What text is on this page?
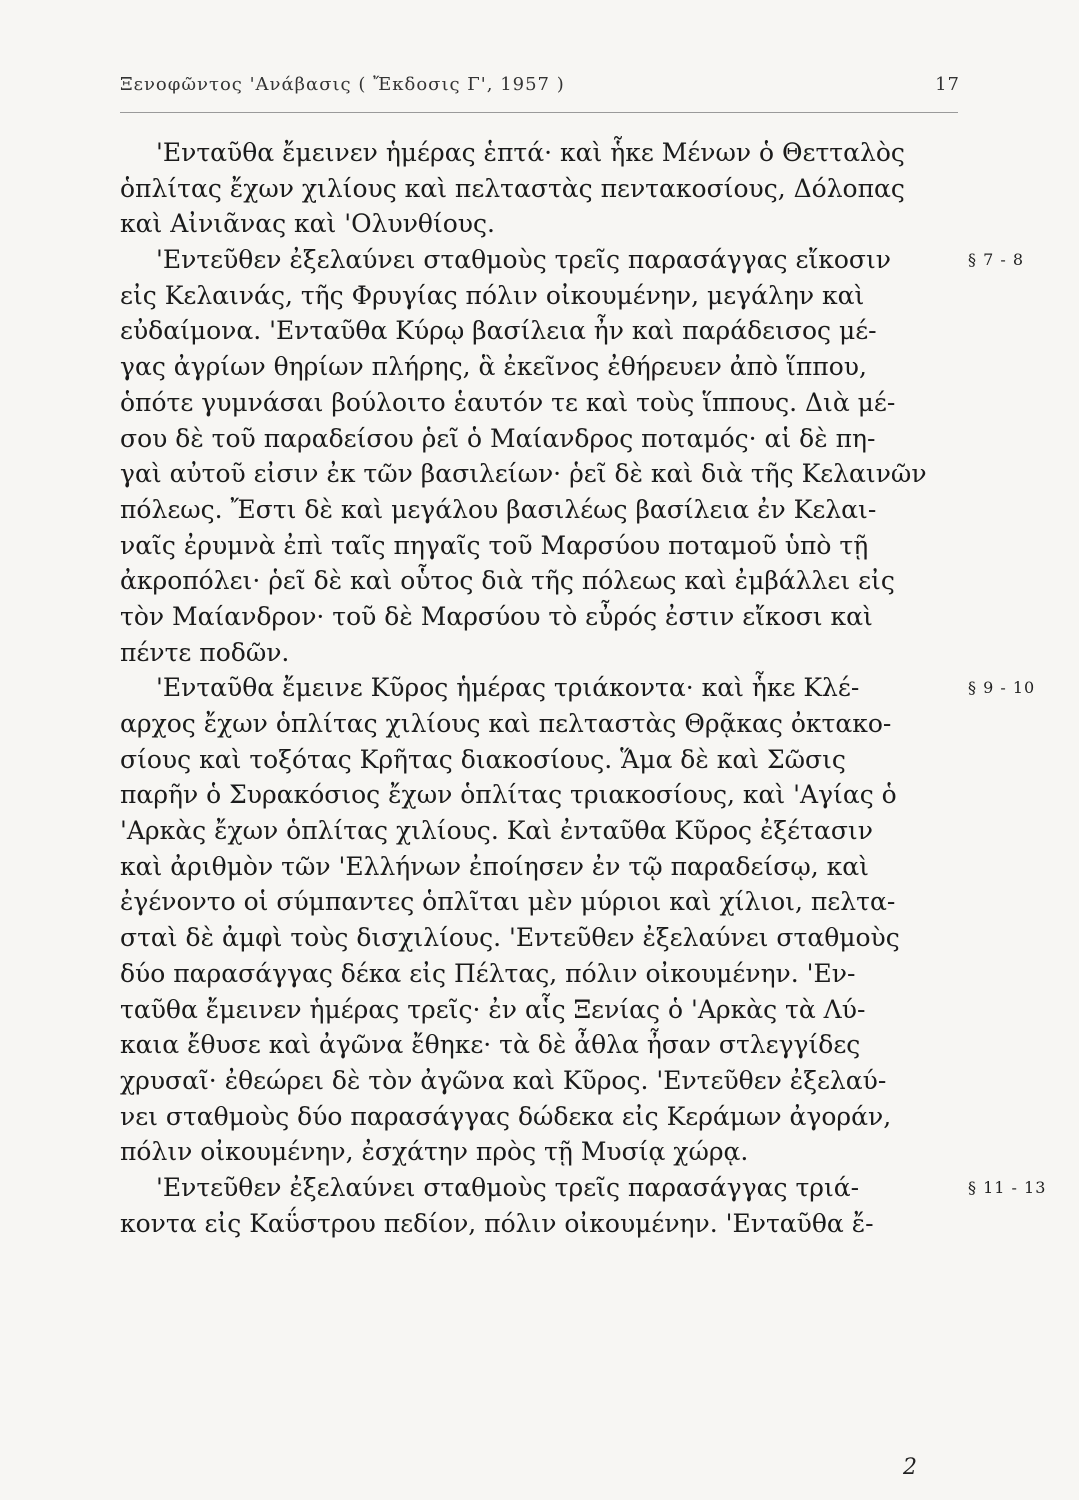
Ξενοφῶντος 'Ανάβασις ( Ἔκδοσις Γ', 1957 )	17
'Ενταῦθα ἔμεινεν ἡμέρας ἑπτά· καὶ ἧκε Μένων ὁ Θετταλὸς
ὁπλίτας ἔχων χιλίους καὶ πελταστὰς πεντακοσίους, Δόλοπας
καὶ Αἰνιᾶνας καὶ 'Ολυνθίους.
'Εντεῦθεν ἐξελαύνει σταθμοὺς τρεῖς παρασάγγας εἴκοσιν	§ 7 - 8
εἰς Κελαινάς, τῆς Φρυγίας πόλιν οἰκουμένην, μεγάλην καὶ
εὐδαίμονα. 'Ενταῦθα Κύρῳ βασίλεια ἦν καὶ παράδεισος μέ-
γας ἀγρίων θηρίων πλήρης, ἃ ἐκεῖνος ἐθήρευεν ἀπὸ ἵππου,
ὁπότε γυμνάσαι βούλοιτο ἑαυτόν τε καὶ τοὺς ἵππους. Διὰ μέ-
σου δὲ τοῦ παραδείσου ῥεῖ ὁ Μαίανδρος ποταμός· αἱ δὲ πη-
γαὶ αὐτοῦ εἰσιν ἐκ τῶν βασιλείων· ῥεῖ δὲ καὶ διὰ τῆς Κελαινῶν
πόλεως. Ἔστι δὲ καὶ μεγάλου βασιλέως βασίλεια ἐν Κελαι-
ναῖς ἐρυμνὰ ἐπὶ ταῖς πηγαῖς τοῦ Μαρσύου ποταμοῦ ὑπὸ τῇ
ἀκροπόλει· ῥεῖ δὲ καὶ οὗτος διὰ τῆς πόλεως καὶ ἐμβάλλει εἰς
τὸν Μαίανδρον· τοῦ δὲ Μαρσύου τὸ εὖρός ἐστιν εἴκοσι καὶ
πέντε ποδῶν.
'Ενταῦθα ἔμεινε Κῦρος ἡμέρας τριάκοντα· καὶ ἧκε Κλέ-	§ 9 - 10
αρχος ἔχων ὁπλίτας χιλίους καὶ πελταστὰς Θρᾷκας ὀκτακο-
σίους καὶ τοξότας Κρῆτας διακοσίους. Ἅμα δὲ καὶ Σῶσις
παρῆν ὁ Συρακόσιος ἔχων ὁπλίτας τριακοσίους, καὶ 'Αγίας ὁ
'Αρκὰς ἔχων ὁπλίτας χιλίους. Καὶ ἐνταῦθα Κῦρος ἐξέτασιν
καὶ ἀριθμὸν τῶν 'Ελλήνων ἐποίησεν ἐν τῷ παραδείσῳ, καὶ
ἐγένοντο οἱ σύμπαντες ὁπλῖται μὲν μύριοι καὶ χίλιοι, πελτα-
σταὶ δὲ ἀμφὶ τοὺς δισχιλίους. 'Εντεῦθεν ἐξελαύνει σταθμοὺς
δύο παρασάγγας δέκα εἰς Πέλτας, πόλιν οἰκουμένην. 'Εν-
ταῦθα ἔμεινεν ἡμέρας τρεῖς· ἐν αἷς Ξενίας ὁ 'Αρκὰς τὰ Λύ-
καια ἔθυσε καὶ ἀγῶνα ἔθηκε· τὰ δὲ ἆθλα ἦσαν στλεγγίδες
χρυσαῖ· ἐθεώρει δὲ τὸν ἀγῶνα καὶ Κῦρος. 'Εντεῦθεν ἐξελαύ-
νει σταθμοὺς δύο παρασάγγας δώδεκα εἰς Κεράμων ἀγοράν,
πόλιν οἰκουμένην, ἐσχάτην πρὸς τῇ Μυσίᾳ χώρᾳ.
'Εντεῦθεν ἐξελαύνει σταθμοὺς τρεῖς παρασάγγας τριά-	§ 11 - 13
κοντα εἰς Καΰστρου πεδίον, πόλιν οἰκουμένην. 'Ενταῦθα ἔ-
2
